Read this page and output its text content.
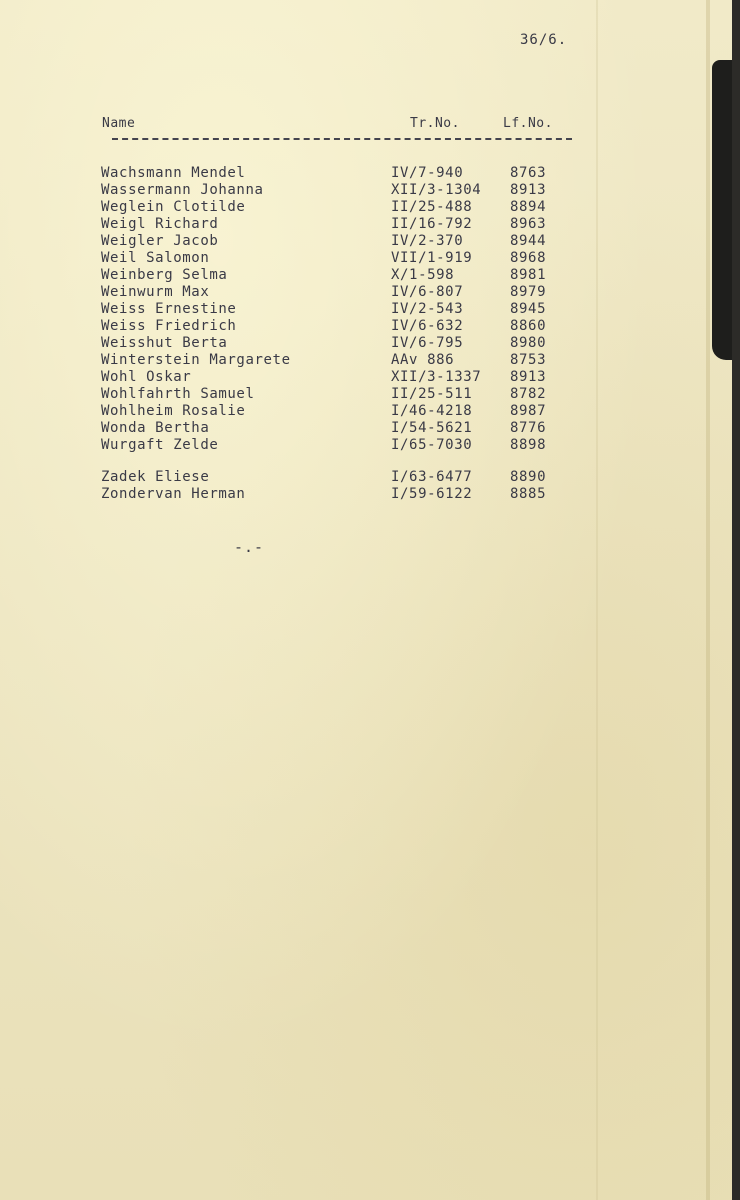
36/6.
Name	Tr.No.	Lf.No.
Wachsmann Mendel	IV/7-940	8763
Wassermann Johanna	XII/3-1304 8913
Weglein Clotilde	II/25-488	8894
Weigl Richard	II/16-792	8963
Weigler Jacob	IV/2-370	8944
Weil Salomon	VII/1-919	8968
Weinberg Selma	X/1-598	8981
Weinwurm Max	IV/6-807	8979
Weiss Ernestine	IV/2-543	8945
Weiss Friedrich	IV/6-632	8860
Weisshut Berta	IV/6-795	8980
Winterstein Margarete	AAv 886	8753
Wohl Oskar	XII/3-1337 8913
Wohlfahrth Samuel	II/25-511	8782
Wohlheim Rosalie	I/46-4218	8987
Wonda Bertha	I/54-5621	8776
Wurgaft Zelde	I/65-7030	8898
Zadek Eliese	I/63-6477	8890
Zondervan Herman	I/59-6122	8885
-.-
